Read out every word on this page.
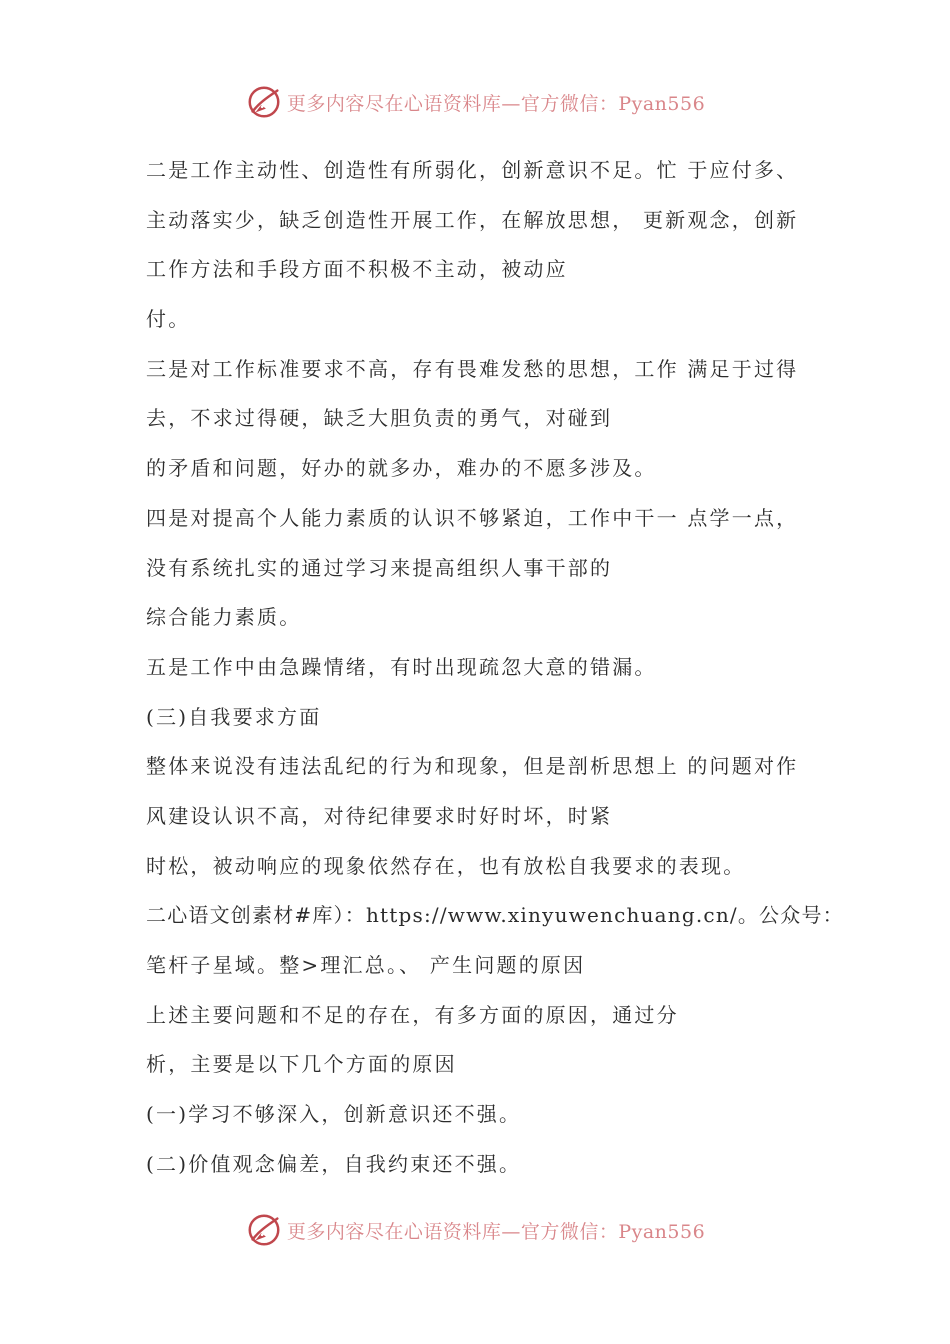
更多内容尽在心语资料库—官方微信：Pyan556
二是工作主动性、创造性有所弱化，创新意识不足。忙 于应付多、
主动落实少，缺乏创造性开展工作，在解放思想， 更新观念，创新
工作方法和手段方面不积极不主动，被动应
付。
三是对工作标准要求不高，存有畏难发愁的思想，工作 满足于过得
去，不求过得硬，缺乏大胆负责的勇气，对碰到
的矛盾和问题，好办的就多办，难办的不愿多涉及。
四是对提高个人能力素质的认识不够紧迫，工作中干一 点学一点，
没有系统扎实的通过学习来提高组织人事干部的
综合能力素质。
五是工作中由急躁情绪，有时出现疏忽大意的错漏。
(三)自我要求方面
整体来说没有违法乱纪的行为和现象，但是剖析思想上 的问题对作
风建设认识不高，对待纪律要求时好时坏，时紧
时松，被动响应的现象依然存在，也有放松自我要求的表现。
二心语文创素材#库）：https://www.xinyuwenchuang.cn/。公众号：
笔杆子星域。整>理汇总。、 产生问题的原因
上述主要问题和不足的存在，有多方面的原因，通过分
析，主要是以下几个方面的原因
(一)学习不够深入，创新意识还不强。
(二)价值观念偏差，自我约束还不强。
更多内容尽在心语资料库—官方微信：Pyan556
